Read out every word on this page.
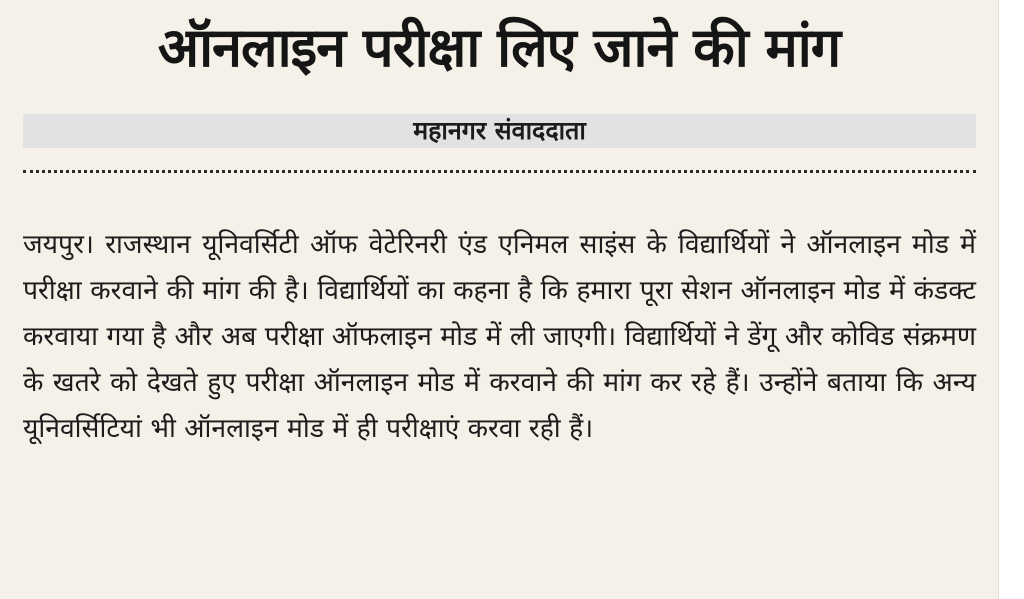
ऑनलाइन परीक्षा लिए जाने की मांग
महानगर संवाददाता

जयपुर। राजस्थान यूनिवर्सिटी ऑफ वेटेरिनरी एंड एनिमल साइंस के विद्यार्थियों ने ऑनलाइन मोड में परीक्षा करवाने की मांग की है। विद्यार्थियों का कहना है कि हमारा पूरा सेशन ऑनलाइन मोड में कंडक्ट करवाया गया है और अब परीक्षा ऑफलाइन मोड में ली जाएगी। विद्यार्थियों ने डेंगू और कोविड संक्रमण के खतरे को देखते हुए परीक्षा ऑनलाइन मोड में करवाने की मांग कर रहे हैं। उन्होंने बताया कि अन्य यूनिवर्सिटियां भी ऑनलाइन मोड में ही परीक्षाएं करवा रही हैं।
